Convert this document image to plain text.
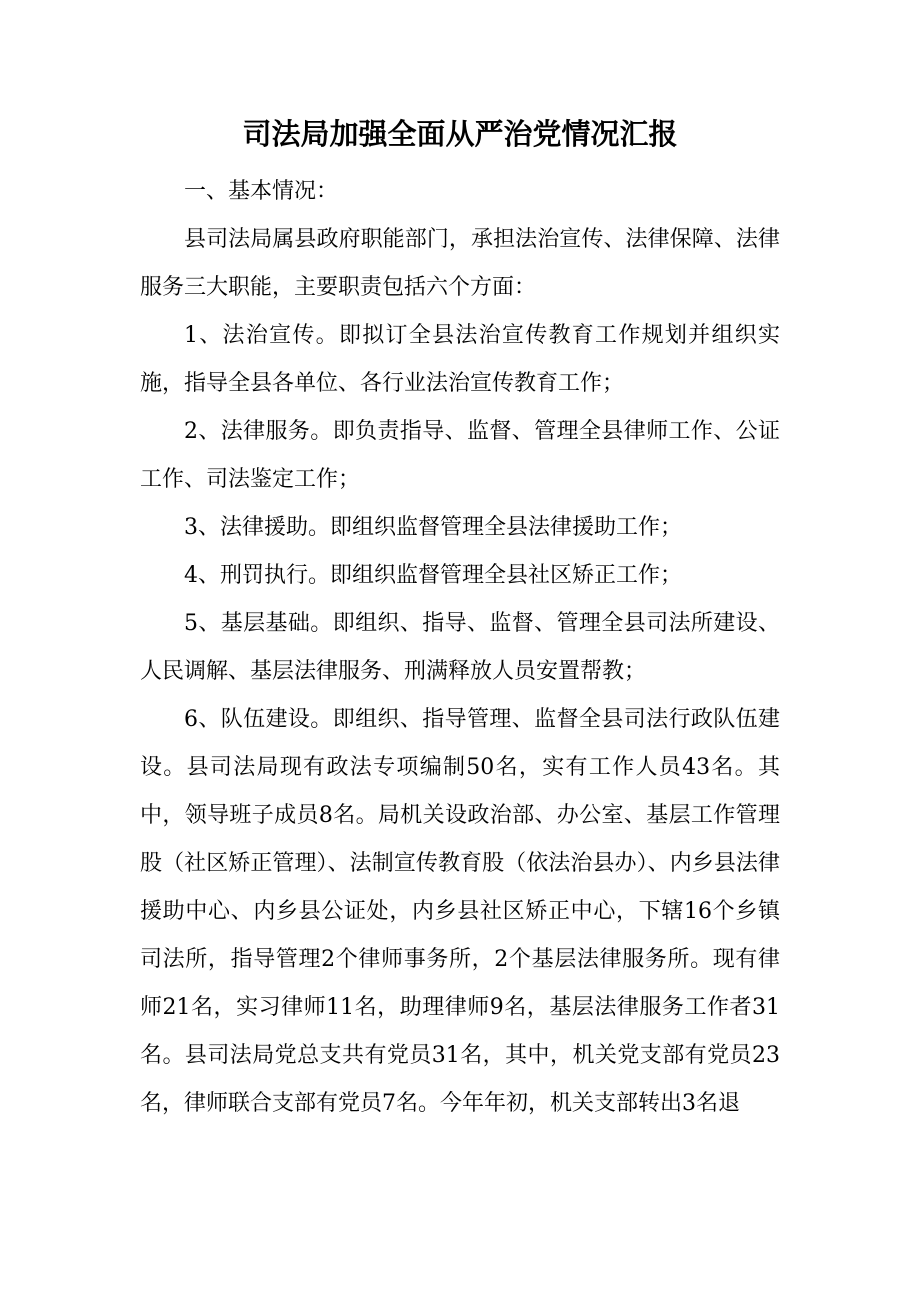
司法局加强全面从严治党情况汇报

一、基本情况：

县司法局属县政府职能部门，承担法治宣传、法律保障、法律服务三大职能，主要职责包括六个方面：

1、法治宣传。即拟订全县法治宣传教育工作规划并组织实施，指导全县各单位、各行业法治宣传教育工作；

2、法律服务。即负责指导、监督、管理全县律师工作、公证工作、司法鉴定工作；

3、法律援助。即组织监督管理全县法律援助工作；

4、刑罚执行。即组织监督管理全县社区矫正工作；

5、基层基础。即组织、指导、监督、管理全县司法所建设、人民调解、基层法律服务、刑满释放人员安置帮教；

6、队伍建设。即组织、指导管理、监督全县司法行政队伍建设。县司法局现有政法专项编制50名，实有工作人员43名。其中，领导班子成员8名。局机关设政治部、办公室、基层工作管理股（社区矫正管理）、法制宣传教育股（依法治县办）、内乡县法律援助中心、内乡县公证处，内乡县社区矫正中心，下辖16个乡镇司法所，指导管理2个律师事务所，2个基层法律服务所。现有律师21名，实习律师11名，助理律师9名，基层法律服务工作者31名。县司法局党总支共有党员31名，其中，机关党支部有党员23名，律师联合支部有党员7名。今年年初，机关支部转出3名退
